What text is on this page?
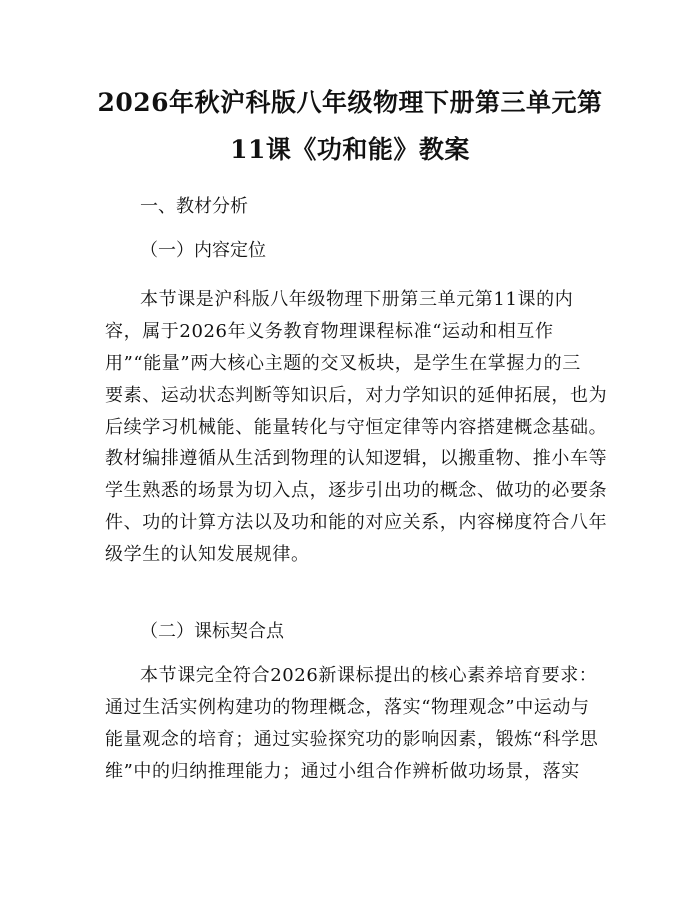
2026年秋沪科版八年级物理下册第三单元第
11课《功和能》教案
一、教材分析
（一）内容定位
本节课是沪科版八年级物理下册第三单元第11课的内
容，属于2026年义务教育物理课程标准“运动和相互作
用”“能量”两大核心主题的交叉板块，是学生在掌握力的三
要素、运动状态判断等知识后，对力学知识的延伸拓展，也为
后续学习机械能、能量转化与守恒定律等内容搭建概念基础。
教材编排遵循从生活到物理的认知逻辑，以搬重物、推小车等
学生熟悉的场景为切入点，逐步引出功的概念、做功的必要条
件、功的计算方法以及功和能的对应关系，内容梯度符合八年
级学生的认知发展规律。
（二）课标契合点
本节课完全符合2026新课标提出的核心素养培育要求：
通过生活实例构建功的物理概念，落实“物理观念”中运动与
能量观念的培育；通过实验探究功的影响因素，锻炼“科学思
维”中的归纳推理能力；通过小组合作辨析做功场景，落实
